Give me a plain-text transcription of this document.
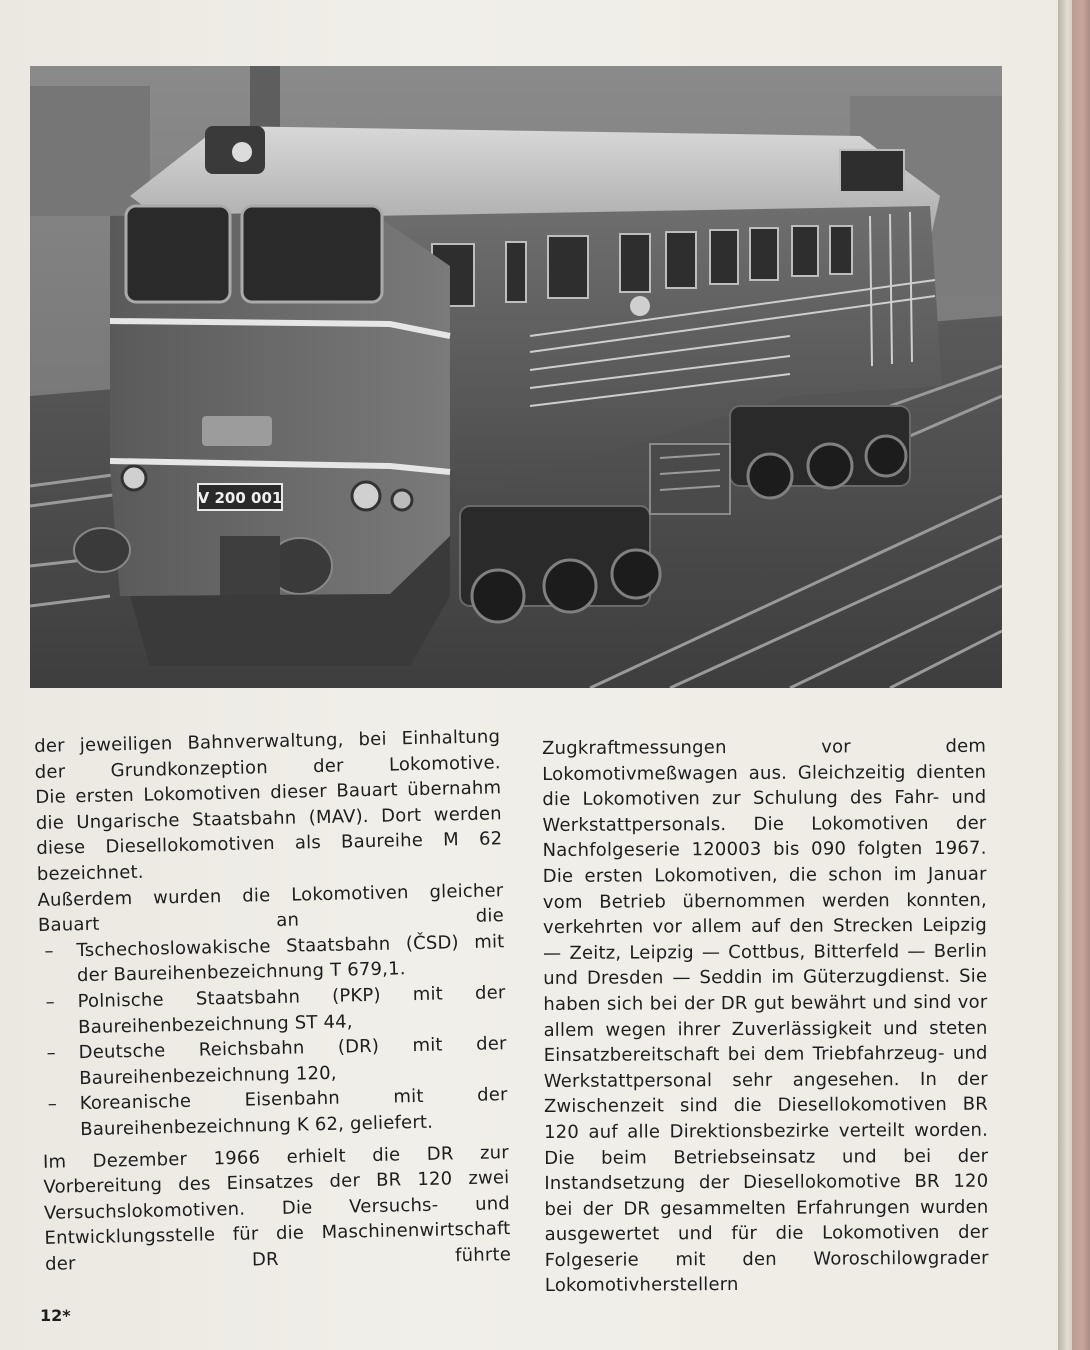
V 200 001

der jeweiligen Bahnverwaltung, bei Einhaltung der Grundkonzeption der Lokomotive.

Die ersten Lokomotiven dieser Bauart übernahm die Ungarische Staatsbahn (MAV). Dort werden diese Diesellokomotiven als Baureihe M 62 bezeichnet.

Außerdem wurden die Lokomotiven gleicher Bauart an die

– Tschechoslowakische Staatsbahn (ČSD) mit der Baureihenbezeichnung T 679,1.
– Polnische Staatsbahn (PKP) mit der Baureihenbezeichnung ST 44,
– Deutsche Reichsbahn (DR) mit der Baureihenbezeichnung 120,
– Koreanische Eisenbahn mit der Baureihenbezeichnung K 62, geliefert.

Im Dezember 1966 erhielt die DR zur Vorbereitung des Einsatzes der BR 120 zwei Versuchslokomotiven. Die Versuchs- und Entwicklungsstelle für die Maschinenwirtschaft der DR führte

Zugkraftmessungen vor dem Lokomotivmeßwagen aus. Gleichzeitig dienten die Lokomotiven zur Schulung des Fahr- und Werkstattpersonals. Die Lokomotiven der Nachfolgeserie 120003 bis 090 folgten 1967. Die ersten Lokomotiven, die schon im Januar vom Betrieb übernommen werden konnten, verkehrten vor allem auf den Strecken Leipzig — Zeitz, Leipzig — Cottbus, Bitterfeld — Berlin und Dresden — Seddin im Güterzugdienst. Sie haben sich bei der DR gut bewährt und sind vor allem wegen ihrer Zuverlässigkeit und steten Einsatzbereitschaft bei dem Triebfahrzeug- und Werkstattpersonal sehr angesehen. In der Zwischenzeit sind die Diesellokomotiven BR 120 auf alle Direktionsbezirke verteilt worden.

Die beim Betriebseinsatz und bei der Instandsetzung der Diesellokomotive BR 120 bei der DR gesammelten Erfahrungen wurden ausgewertet und für die Lokomotiven der Folgeserie mit den Woroschilowgrader Lokomotivherstellern

12*
